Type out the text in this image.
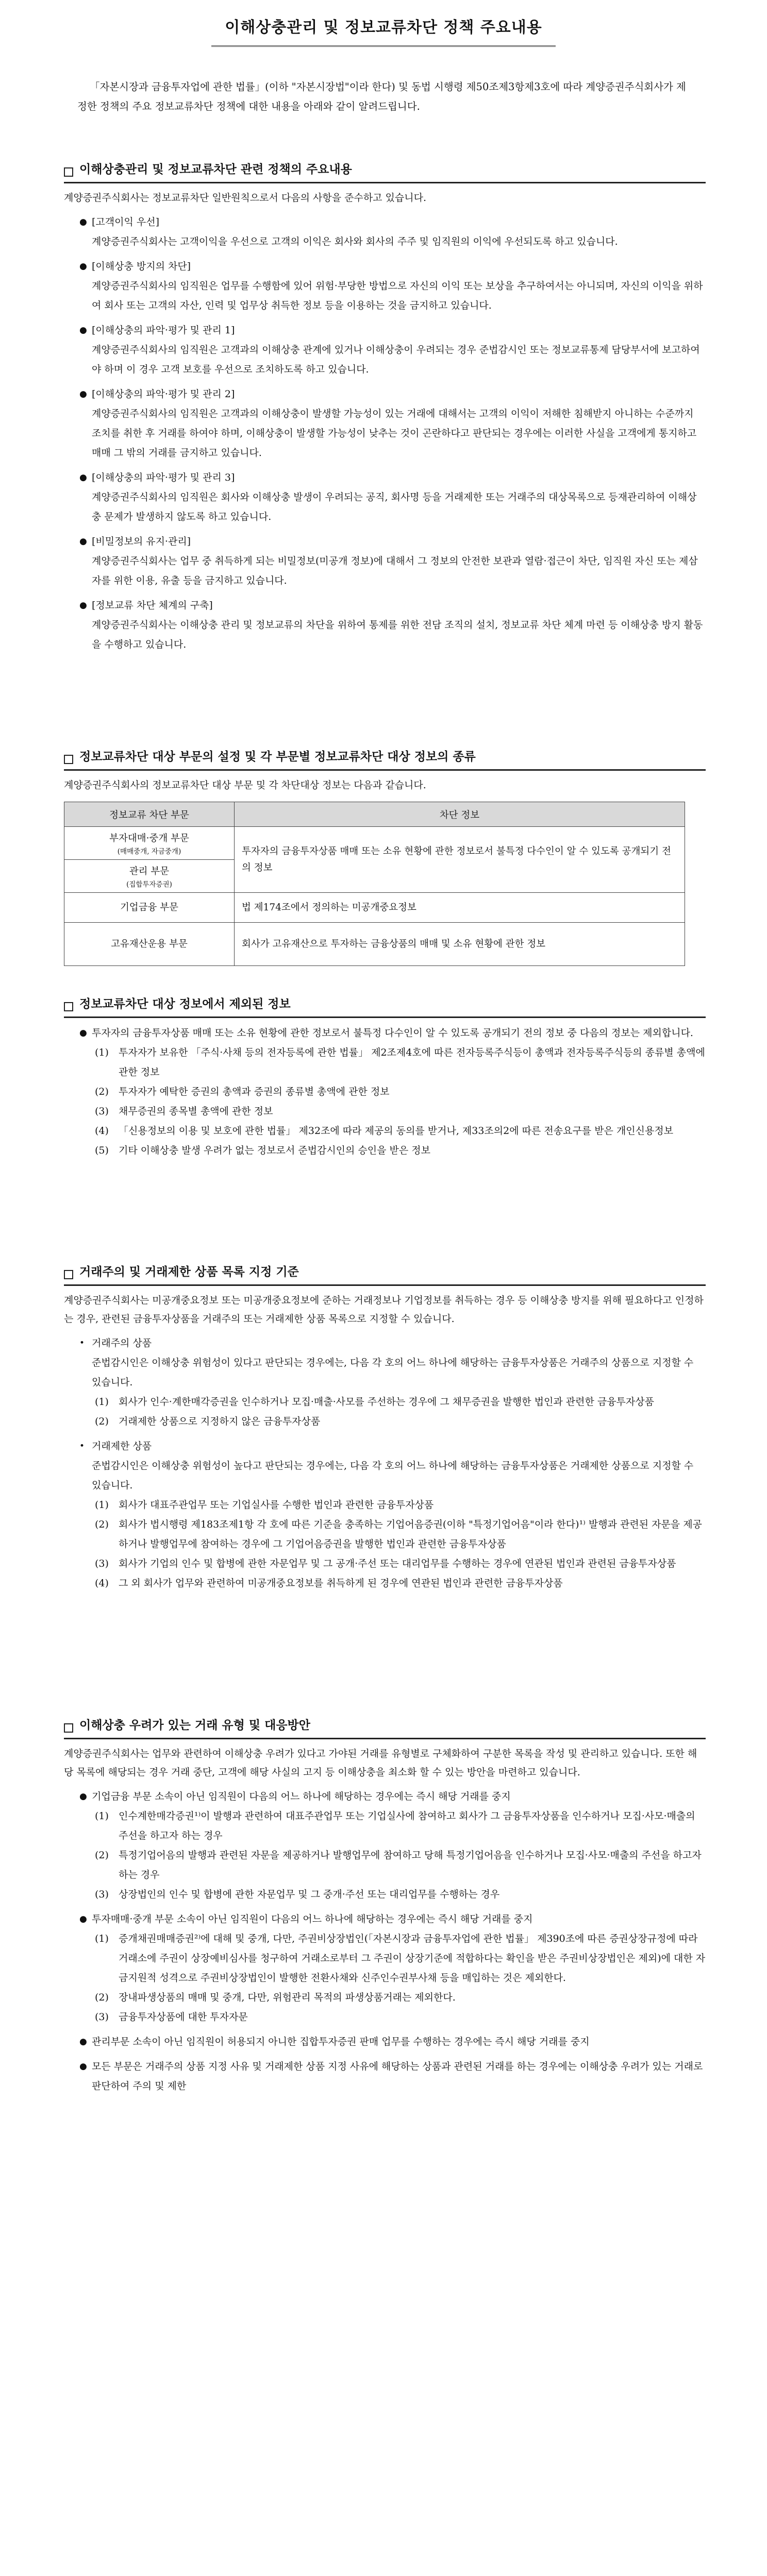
이해상충관리 및 정보교류차단 정책 주요내용

「자본시장과 금융투자업에 관한 법률」(이하 "자본시장법"이라 한다) 및 동법 시행령 제50조제3항제3호에 따라 계양증권주식회사가 제정한 정책의 주요 정보교류차단 정책에 대한 내용을 아래와 같이 알려드립니다.

이해상충관리 및 정보교류차단 관련 정책의 주요내용

계양증권주식회사는 정보교류차단 일반원칙으로서 다음의 사항을 준수하고 있습니다.

● [고객이익 우선]
계양증권주식회사는 고객이익을 우선으로 고객의 이익은 회사와 회사의 주주 및 임직원의 이익에 우선되도록 하고 있습니다.
● [이해상충 방지의 차단]
계양증권주식회사의 임직원은 업무를 수행함에 있어 위험·부당한 방법으로 자신의 이익 또는 보상을 추구하여서는 아니되며, 자신의 이익을 위하여 회사 또는 고객의 자산, 인력 및 업무상 취득한 정보 등을 이용하는 것을 금지하고 있습니다.
● [이해상충의 파악·평가 및 관리 1]
계양증권주식회사의 임직원은 고객과의 이해상충 관계에 있거나 이해상충이 우려되는 경우 준법감시인 또는 정보교류통제 담당부서에 보고하여야 하며 이 경우 고객 보호를 우선으로 조치하도록 하고 있습니다.
● [이해상충의 파악·평가 및 관리 2]
계양증권주식회사의 임직원은 고객과의 이해상충이 발생할 가능성이 있는 거래에 대해서는 고객의 이익이 저해한 침해받지 아니하는 수준까지 조치를 취한 후 거래를 하여야 하며, 이해상충이 발생할 가능성이 낮추는 것이 곤란하다고 판단되는 경우에는 이러한 사실을 고객에게 통지하고 매매 그 밖의 거래를 금지하고 있습니다.
● [이해상충의 파악·평가 및 관리 3]
계양증권주식회사의 임직원은 회사와 이해상충 발생이 우려되는 공직, 회사명 등을 거래제한 또는 거래주의 대상목록으로 등재관리하여 이해상충 문제가 발생하지 않도록 하고 있습니다.
● [비밀정보의 유지·관리]
계양증권주식회사는 업무 중 취득하게 되는 비밀정보(미공개 정보)에 대해서 그 정보의 안전한 보관과 열람·접근이 차단, 임직원 자신 또는 제삼자를 위한 이용, 유출 등을 금지하고 있습니다.
● [정보교류 차단 체계의 구축]
계양증권주식회사는 이해상충 관리 및 정보교류의 차단을 위하여 통제를 위한 전담 조직의 설치, 정보교류 차단 체계 마련 등 이해상충 방지 활동을 수행하고 있습니다.
정보교류차단 대상 부문의 설정 및 각 부문별 정보교류차단 대상 정보의 종류

계양증권주식회사의 정보교류차단 대상 부문 및 각 차단대상 정보는 다음과 같습니다.

정보교류 차단 부문	차단 정보
부자대매·중개 부문
(매매중개, 자금중개)	투자자의 금융투자상품 매매 또는 소유 현황에 관한 정보로서 불특정 다수인이 알 수 있도록 공개되기 전의 정보
관리 부문
(집합투자증권)	

기업금융 부문	법 제174조에서 정의하는 미공개중요정보
고유재산운용 부문	회사가 고유재산으로 투자하는 금융상품의 매매 및 소유 현황에 관한 정보
정보교류차단 대상 정보에서 제외된 정보
● 투자자의 금융투자상품 매매 또는 소유 현황에 관한 정보로서 불특정 다수인이 알 수 있도록 공개되기 전의 정보 중 다음의 정보는 제외합니다.
(1) 투자자가 보유한 「주식·사채 등의 전자등록에 관한 법률」 제2조제4호에 따른 전자등록주식등이 총액과 전자등록주식등의 종류별 총액에 관한 정보
(2) 투자자가 예탁한 증권의 총액과 증권의 종류별 총액에 관한 정보
(3) 채무증권의 종목별 총액에 관한 정보
(4) 「신용정보의 이용 및 보호에 관한 법률」 제32조에 따라 제공의 동의를 받거나, 제33조의2에 따른 전송요구를 받은 개인신용정보
(5) 기타 이해상충 발생 우려가 없는 정보로서 준법감시인의 승인을 받은 정보
거래주의 및 거래제한 상품 목록 지정 기준

계양증권주식회사는 미공개중요정보 또는 미공개중요정보에 준하는 거래정보나 기업정보를 취득하는 경우 등 이해상충 방지를 위해 필요하다고 인정하는 경우, 관련된 금융투자상품을 거래주의 또는 거래제한 상품 목록으로 지정할 수 있습니다.

• 거래주의 상품
준법감시인은 이해상충 위험성이 있다고 판단되는 경우에는, 다음 각 호의 어느 하나에 해당하는 금융투자상품은 거래주의 상품으로 지정할 수 있습니다.
(1) 회사가 인수·계한매각증권을 인수하거나 모집·매출·사모를 주선하는 경우에 그 채무증권을 발행한 법인과 관련한 금융투자상품
(2) 거래제한 상품으로 지정하지 않은 금융투자상품
• 거래제한 상품
준법감시인은 이해상충 위험성이 높다고 판단되는 경우에는, 다음 각 호의 어느 하나에 해당하는 금융투자상품은 거래제한 상품으로 지정할 수 있습니다.
(1) 회사가 대표주관업무 또는 기업실사를 수행한 법인과 관련한 금융투자상품
(2) 회사가 법시행령 제183조제1항 각 호에 따른 기준을 충족하는 기업어음증권(이하 "특정기업어음"이라 한다)¹⁾ 발행과 관련된 자문을 제공하거나 발행업무에 참여하는 경우에 그 기업어음증권을 발행한 법인과 관련한 금융투자상품
(3) 회사가 기업의 인수 및 합병에 관한 자문업무 및 그 공개·주선 또는 대리업무를 수행하는 경우에 연관된 법인과 관련된 금융투자상품
(4) 그 외 회사가 업무와 관련하여 미공개중요정보를 취득하게 된 경우에 연관된 법인과 관련한 금융투자상품
이해상충 우려가 있는 거래 유형 및 대응방안

계양증권주식회사는 업무와 관련하여 이해상충 우려가 있다고 가야된 거래를 유형별로 구체화하여 구분한 목록을 작성 및 관리하고 있습니다. 또한 해당 목록에 해당되는 경우 거래 중단, 고객에 해당 사실의 고지 등 이해상충을 최소화 할 수 있는 방안을 마련하고 있습니다.

● 기업금융 부문 소속이 아닌 임직원이 다음의 어느 하나에 해당하는 경우에는 즉시 해당 거래를 중지
(1) 인수계한매각증권¹⁾이 발행과 관련하여 대표주관업무 또는 기업실사에 참여하고 회사가 그 금융투자상품을 인수하거나 모집·사모·매출의 주선을 하고자 하는 경우
(2) 특정기업어음의 발행과 관련된 자문을 제공하거나 발행업무에 참여하고 당해 특정기업어음을 인수하거나 모집·사모·매출의 주선을 하고자 하는 경우
(3) 상장법인의 인수 및 합병에 관한 자문업무 및 그 중개·주선 또는 대리업무를 수행하는 경우
● 투자매매·중개 부문 소속이 아닌 임직원이 다음의 어느 하나에 해당하는 경우에는 즉시 해당 거래를 중지
(1) 증개채권매매증권²⁾에 대해 및 중개, 다만, 주권비상장법인(「자본시장과 금융투자업에 관한 법률」 제390조에 따른 증권상장규정에 따라 거래소에 주권이 상장예비심사를 청구하여 거래소로부터 그 주권이 상장기준에 적합하다는 확인을 받은 주권비상장법인은 제외)에 대한 자금지원적 성격으로 주권비상장법인이 발행한 전환사채와 신주인수권부사채 등을 매입하는 것은 제외한다.
(2) 장내파생상품의 매매 및 중개, 다만, 위험관리 목적의 파생상품거래는 제외한다.
(3) 금융투자상품에 대한 투자자문
● 관리부문 소속이 아닌 임직원이 허용되지 아니한 집합투자증권 판매 업무를 수행하는 경우에는 즉시 해당 거래를 중지
● 모든 부문은 거래주의 상품 지정 사유 및 거래제한 상품 지정 사유에 해당하는 상품과 관련된 거래를 하는 경우에는 이해상충 우려가 있는 거래로 판단하여 주의 및 제한
